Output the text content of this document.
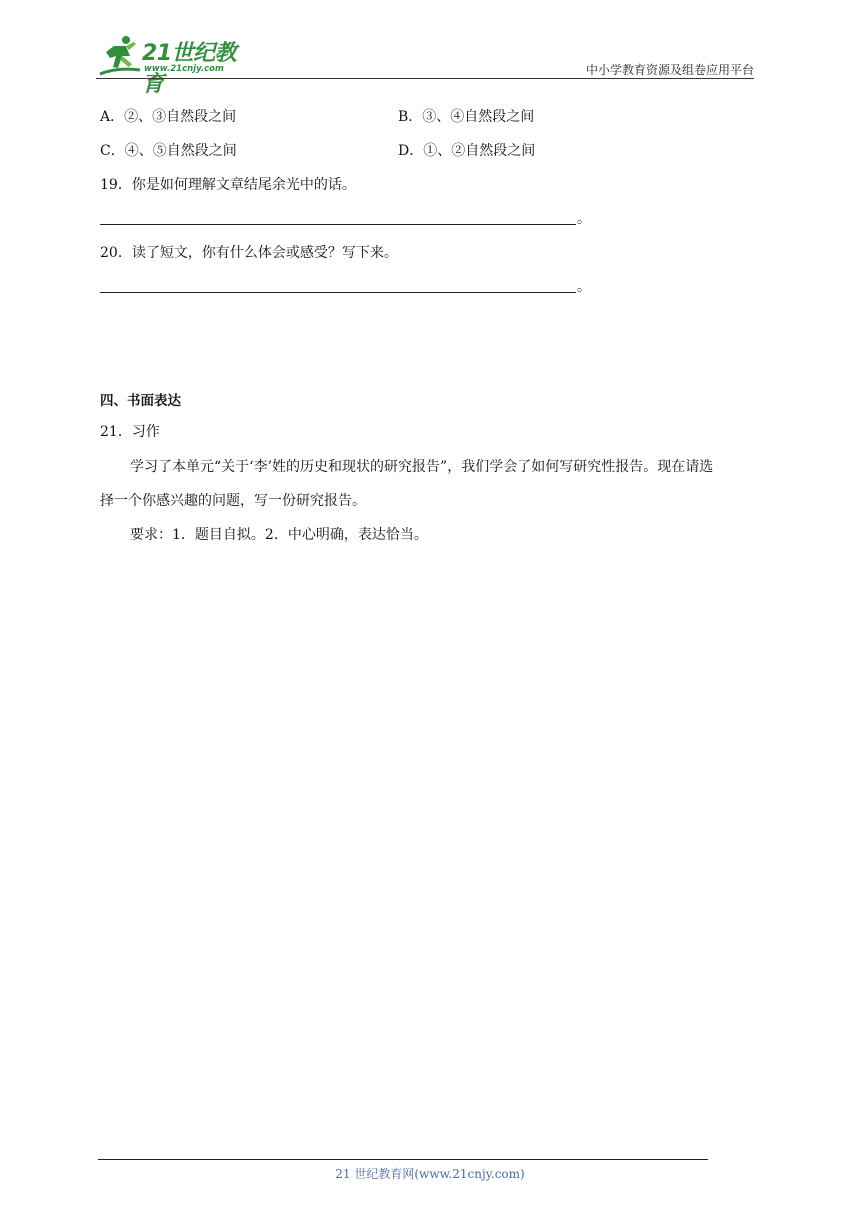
21世纪教育
www.21cnjy.com	中小学教育资源及组卷应用平台
A．②、③自然段之间	B．③、④自然段之间
C．④、⑤自然段之间	D．①、②自然段之间
19．你是如何理解文章结尾余光中的话。
。
20．读了短文，你有什么体会或感受？写下来。
。
四、书面表达
21．习作
学习了本单元“关于‘李’姓的历史和现状的研究报告”，我们学会了如何写研究性报告。现在请选
择一个你感兴趣的问题，写一份研究报告。
要求：1．题目自拟。2．中心明确，表达恰当。
21 世纪教育网(www.21cnjy.com)
